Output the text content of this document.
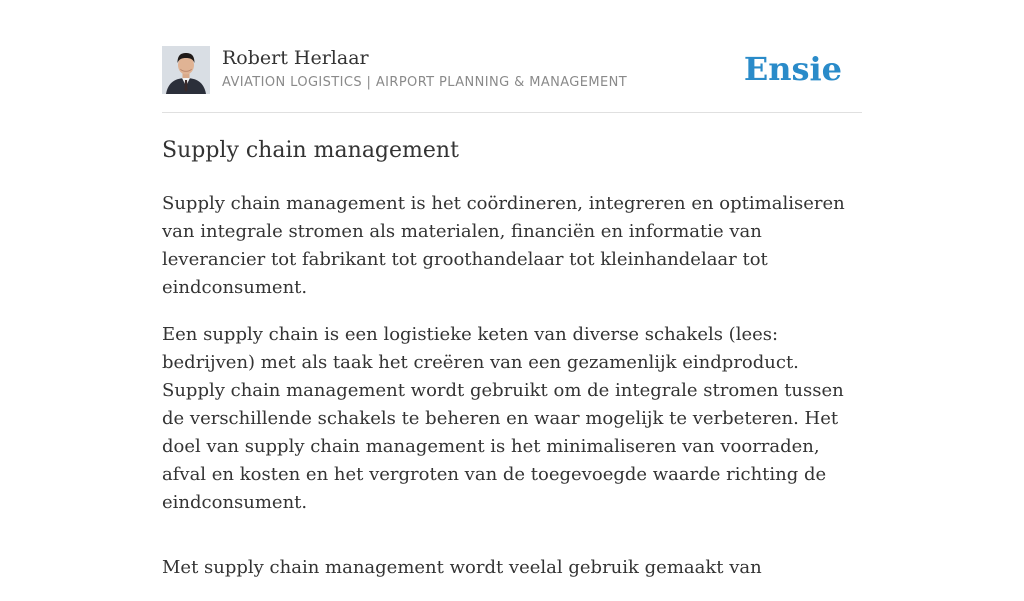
Robert Herlaar
AVIATION LOGISTICS | AIRPORT PLANNING & MANAGEMENT	Ensie
Supply chain management

Supply chain management is het coördineren, integreren en optimaliseren van integrale stromen als materialen, financiën en informatie van leverancier tot fabrikant tot groothandelaar tot kleinhandelaar tot eindconsument.

Een supply chain is een logistieke keten van diverse schakels (lees: bedrijven) met als taak het creëren van een gezamenlijk eindproduct. Supply chain management wordt gebruikt om de integrale stromen tussen de verschillende schakels te beheren en waar mogelijk te verbeteren. Het doel van supply chain management is het minimaliseren van voorraden, afval en kosten en het vergroten van de toegevoegde waarde richting de eindconsument.

Met supply chain management wordt veelal gebruik gemaakt van
